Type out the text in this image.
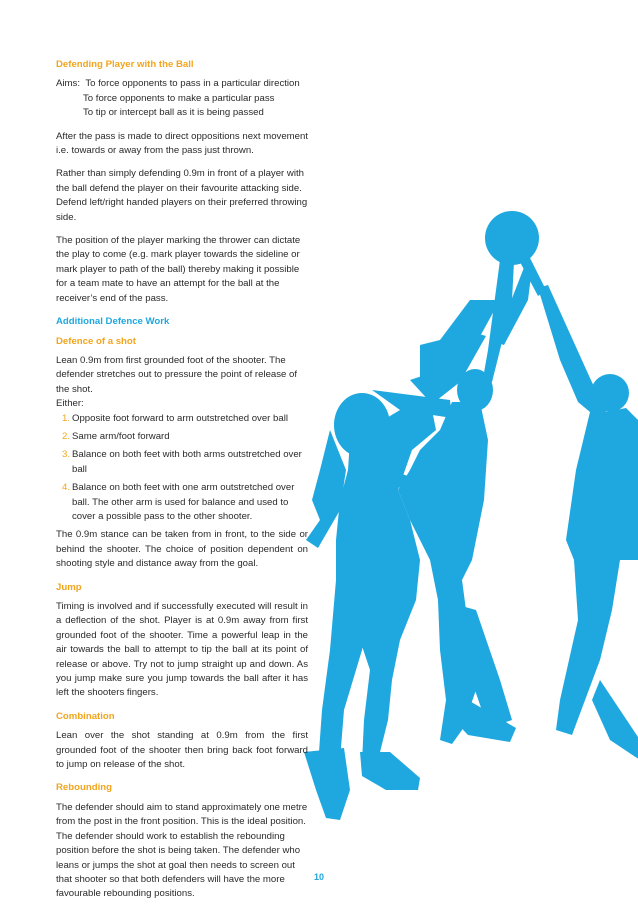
Defending Player with the Ball
Aims: To force opponents to pass in a particular direction
To force opponents to make a particular pass
To tip or intercept ball as it is being passed

After the pass is made to direct oppositions next movement i.e. towards or away from the pass just thrown.

Rather than simply defending 0.9m in front of a player with the ball defend the player on their favourite attacking side. Defend left/right handed players on their preferred throwing side.

The position of the player marking the thrower can dictate the play to come (e.g. mark player towards the sideline or mark player to path of the ball) thereby making it possible for a team mate to have an attempt for the ball at the receiver’s end of the pass.

Additional Defence Work
Defence of a shot

Lean 0.9m from first grounded foot of the shooter. The defender stretches out to pressure the point of release of the shot.

Either:
1. Opposite foot forward to arm outstretched over ball
2. Same arm/foot forward
3. Balance on both feet with both arms outstretched over ball
4. Balance on both feet with one arm outstretched over ball. The other arm is used for balance and used to cover a possible pass to the other shooter.

The 0.9m stance can be taken from in front, to the side or behind the shooter. The choice of position dependent on shooting style and distance away from the goal.

Jump

Timing is involved and if successfully executed will result in a deflection of the shot. Player is at 0.9m away from first grounded foot of the shooter. Time a powerful leap in the air towards the ball to attempt to tip the ball at its point of release or above. Try not to jump straight up and down. As you jump make sure you jump towards the ball after it has left the shooters fingers.

Combination

Lean over the shot standing at 0.9m from the first grounded foot of the shooter then bring back foot forward to jump on release of the shot.

Rebounding

The defender should aim to stand approximately one metre from the post in the front position. This is the ideal position. The defender should work to establish the rebounding position before the shot is being taken. The defender who leans or jumps the shot at goal then needs to screen out that shooter so that both defenders will have the more favourable rebounding positions.

10
